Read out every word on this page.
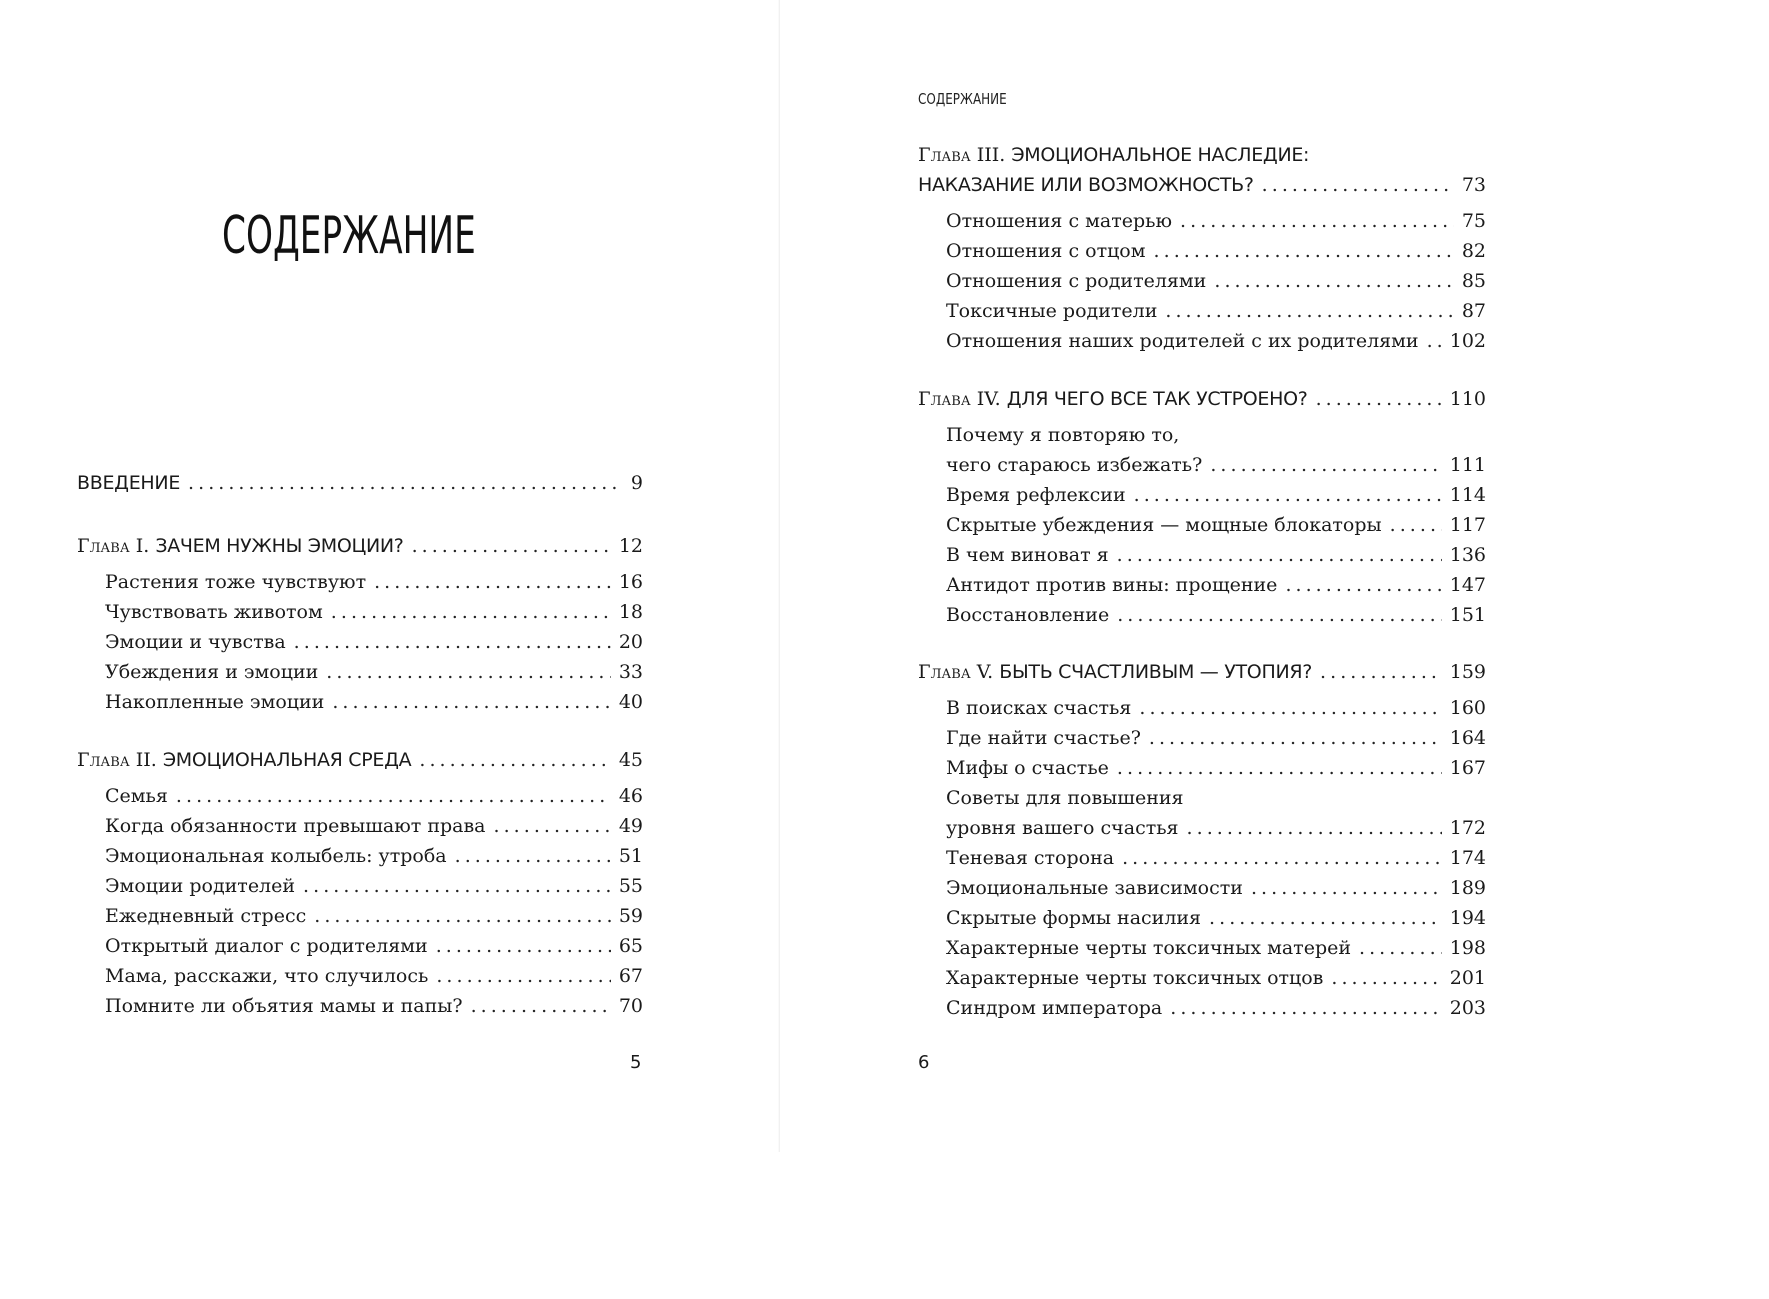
СОДЕРЖАНИЕ
ВВЕДЕНИЕ . . .	9
Глава I. ЗАЧЕМ НУЖНЫ ЭМОЦИИ? . . .	12
Растения тоже чувствуют . . .	16
Чувствовать животом . . .	18
Эмоции и чувства . . .	20
Убеждения и эмоции . . .	33
Накопленные эмоции . . .	40
Глава II. ЭМОЦИОНАЛЬНАЯ СРЕДА . . .	45
Семья . . .	46
Когда обязанности превышают права . . .	49
Эмоциональная колыбель: утроба . . .	51
Эмоции родителей . . .	55
Ежедневный стресс . . .	59
Открытый диалог с родителями . . .	65
Мама, расскажи, что случилось . . .	67
Помните ли объятия мамы и папы? . . .	70
5
СОДЕРЖАНИЕ
Глава III. ЭМОЦИОНАЛЬНОЕ НАСЛЕДИЕ:
НАКАЗАНИЕ ИЛИ ВОЗМОЖНОСТЬ? . . .	73
Отношения с матерью . . .	75
Отношения с отцом . . .	82
Отношения с родителями . . .	85
Токсичные родители . . .	87
Отношения наших родителей с их родителями . . . 102
Глава IV. ДЛЯ ЧЕГО ВСЕ ТАК УСТРОЕНО? . . .	110
Почему я повторяю то,
чего стараюсь избежать? . . .	111
Время рефлексии . . .	114
Скрытые убеждения — мощные блокаторы . . .	117
В чем виноват я . . .	136
Антидот против вины: прощение . . .	147
Восстановление . . .	151
Глава V. БЫТЬ СЧАСТЛИВЫМ — УТОПИЯ? . . .	159
В поисках счастья . . .	160
Где найти счастье? . . .	164
Мифы о счастье . . .	167
Советы для повышения
уровня вашего счастья . . .	172
Теневая сторона . . .	174
Эмоциональные зависимости . . .	189
Скрытые формы насилия . . .	194
Характерные черты токсичных матерей . . .	198
Характерные черты токсичных отцов . . .	201
Синдром императора . . .	203
6
